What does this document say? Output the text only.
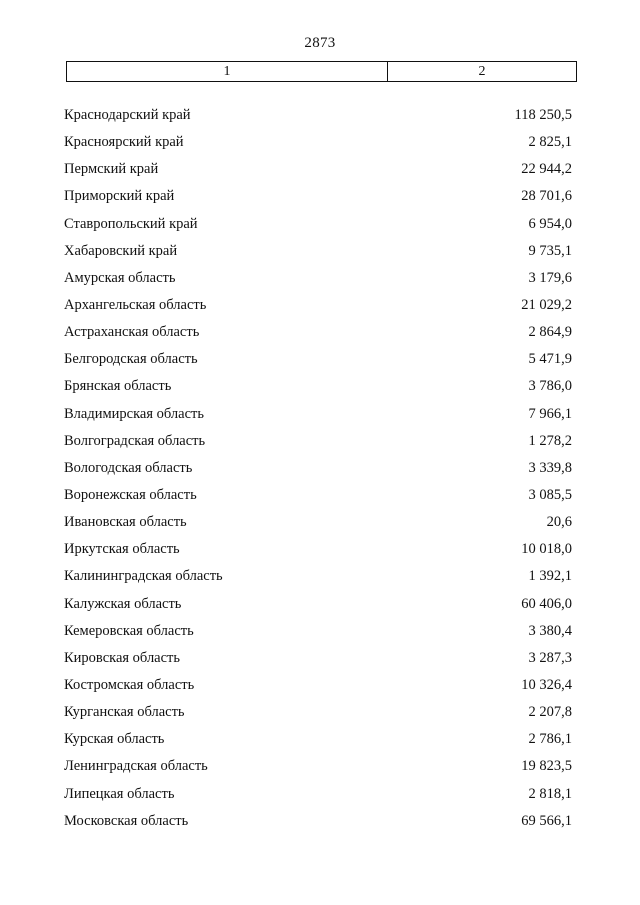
2873
1	2
Краснодарский край	118 250,5
Красноярский край	2 825,1
Пермский край	22 944,2
Приморский край	28 701,6
Ставропольский край	6 954,0
Хабаровский край	9 735,1
Амурская область	3 179,6
Архангельская область	21 029,2
Астраханская область	2 864,9
Белгородская область	5 471,9
Брянская область	3 786,0
Владимирская область	7 966,1
Волгоградская область	1 278,2
Вологодская область	3 339,8
Воронежская область	3 085,5
Ивановская область	20,6
Иркутская область	10 018,0
Калининградская область	1 392,1
Калужская область	60 406,0
Кемеровская область	3 380,4
Кировская область	3 287,3
Костромская область	10 326,4
Курганская область	2 207,8
Курская область	2 786,1
Ленинградская область	19 823,5
Липецкая область	2 818,1
Московская область	69 566,1
